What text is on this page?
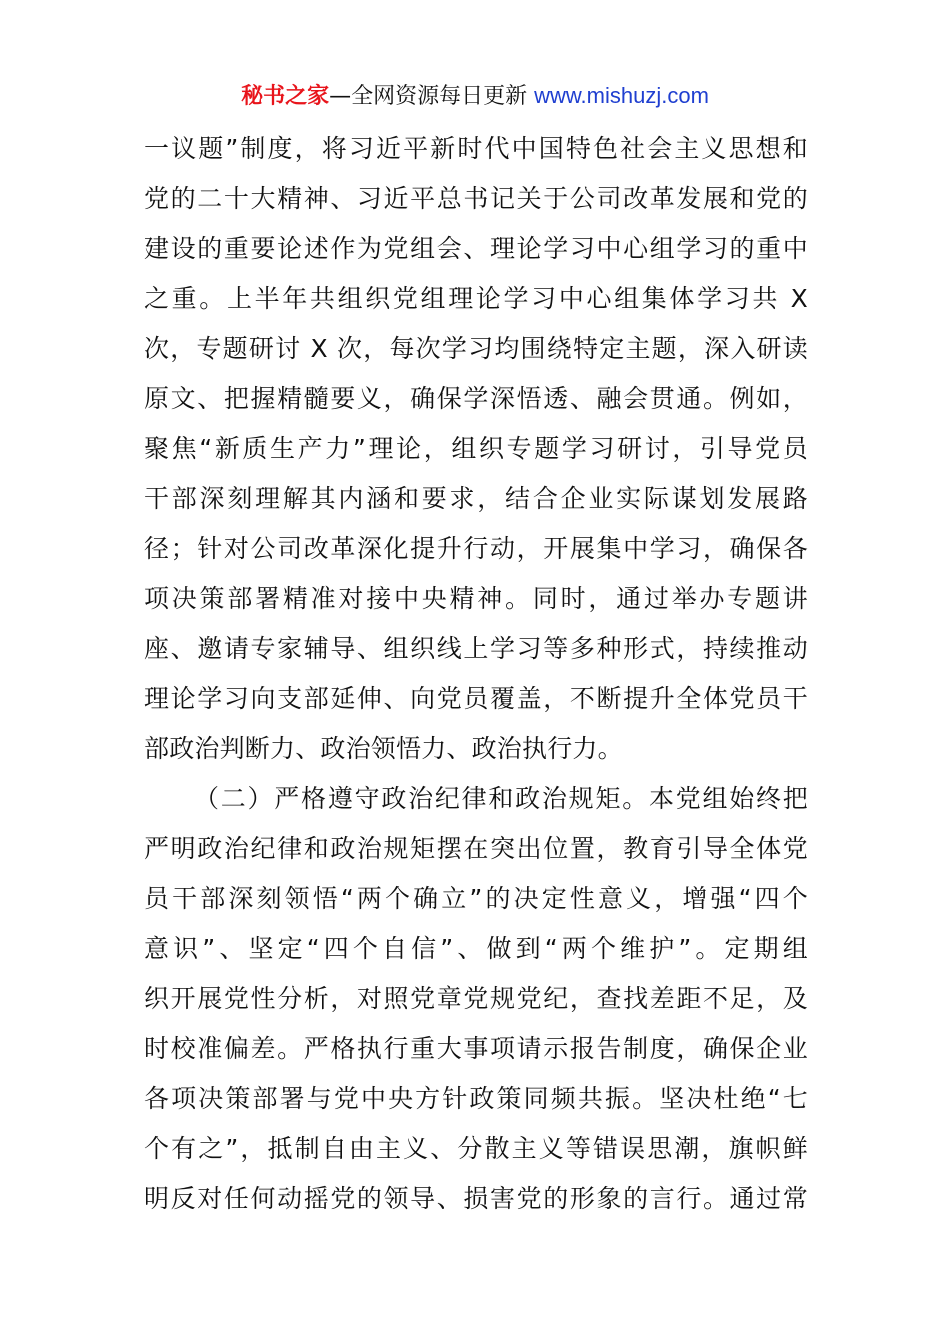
秘书之家—全网资源每日更新 www.mishuzj.com
一议题”制度，将习近平新时代中国特色社会主义思想和
党的二十大精神、习近平总书记关于公司改革发展和党的
建设的重要论述作为党组会、理论学习中心组学习的重中
之重。上半年共组织党组理论学习中心组集体学习共 X
次，专题研讨 X 次，每次学习均围绕特定主题，深入研读
原文、把握精髓要义，确保学深悟透、融会贯通。例如，
聚焦“新质生产力”理论，组织专题学习研讨，引导党员
干部深刻理解其内涵和要求，结合企业实际谋划发展路
径；针对公司改革深化提升行动，开展集中学习，确保各
项决策部署精准对接中央精神。同时，通过举办专题讲
座、邀请专家辅导、组织线上学习等多种形式，持续推动
理论学习向支部延伸、向党员覆盖，不断提升全体党员干
部政治判断力、政治领悟力、政治执行力。
（二）严格遵守政治纪律和政治规矩。本党组始终把
严明政治纪律和政治规矩摆在突出位置，教育引导全体党
员干部深刻领悟“两个确立”的决定性意义，增强“四个
意识”、坚定“四个自信”、做到“两个维护”。定期组
织开展党性分析，对照党章党规党纪，查找差距不足，及
时校准偏差。严格执行重大事项请示报告制度，确保企业
各项决策部署与党中央方针政策同频共振。坚决杜绝“七
个有之”，抵制自由主义、分散主义等错误思潮，旗帜鲜
明反对任何动摇党的领导、损害党的形象的言行。通过常
